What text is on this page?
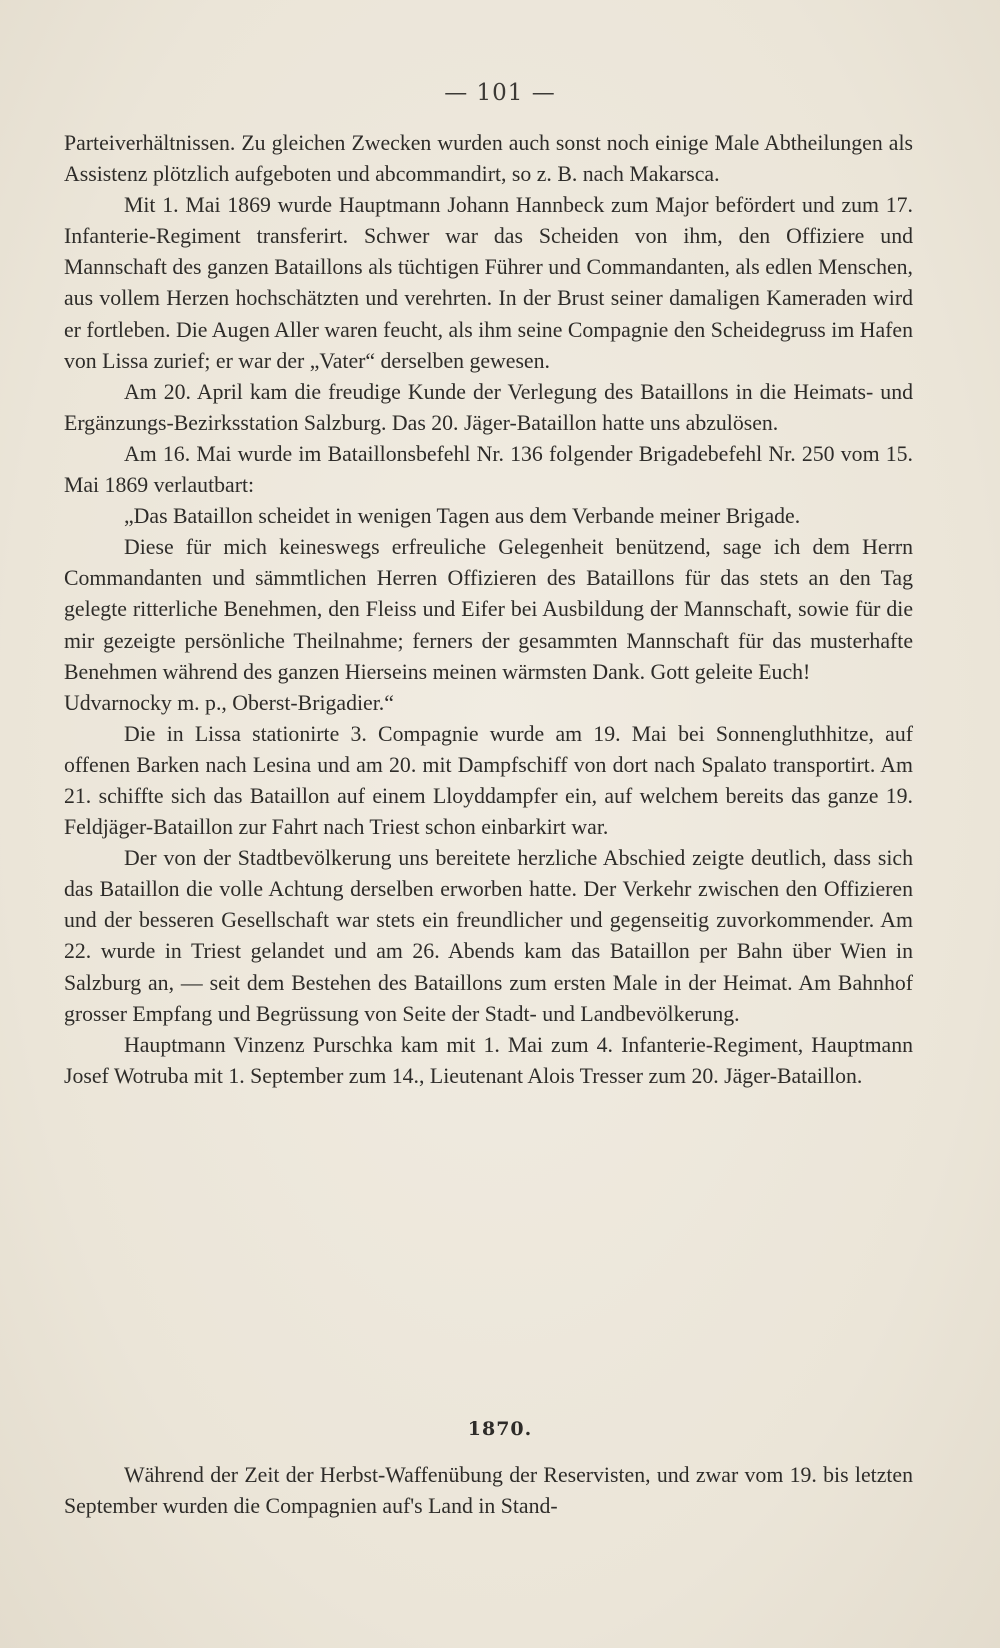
— 101 —

Parteiverhältnissen. Zu gleichen Zwecken wurden auch sonst noch einige Male Abtheilungen als Assistenz plötzlich aufgeboten und abcommandirt, so z. B. nach Makarsca.

Mit 1. Mai 1869 wurde Hauptmann Johann Hannbeck zum Major befördert und zum 17. Infanterie-Regiment transferirt. Schwer war das Scheiden von ihm, den Offiziere und Mannschaft des ganzen Bataillons als tüchtigen Führer und Commandanten, als edlen Menschen, aus vollem Herzen hochschätzten und verehrten. In der Brust seiner damaligen Kameraden wird er fortleben. Die Augen Aller waren feucht, als ihm seine Compagnie den Scheidegruss im Hafen von Lissa zurief; er war der „Vater“ derselben gewesen.

Am 20. April kam die freudige Kunde der Verlegung des Bataillons in die Heimats- und Ergänzungs-Bezirksstation Salzburg. Das 20. Jäger-Bataillon hatte uns abzulösen.

Am 16. Mai wurde im Bataillonsbefehl Nr. 136 folgender Brigadebefehl Nr. 250 vom 15. Mai 1869 verlautbart:

„Das Bataillon scheidet in wenigen Tagen aus dem Verbande meiner Brigade.

Diese für mich keineswegs erfreuliche Gelegenheit benützend, sage ich dem Herrn Commandanten und sämmtlichen Herren Offizieren des Bataillons für das stets an den Tag gelegte ritterliche Benehmen, den Fleiss und Eifer bei Ausbildung der Mannschaft, sowie für die mir gezeigte persönliche Theilnahme; ferners der gesammten Mannschaft für das musterhafte Benehmen während des ganzen Hierseins meinen wärmsten Dank. Gott geleite Euch!

Udvarnocky m. p., Oberst-Brigadier.“

Die in Lissa stationirte 3. Compagnie wurde am 19. Mai bei Sonnengluthhitze, auf offenen Barken nach Lesina und am 20. mit Dampfschiff von dort nach Spalato transportirt. Am 21. schiffte sich das Bataillon auf einem Lloyddampfer ein, auf welchem bereits das ganze 19. Feldjäger-Bataillon zur Fahrt nach Triest schon einbarkirt war.

Der von der Stadtbevölkerung uns bereitete herzliche Abschied zeigte deutlich, dass sich das Bataillon die volle Achtung derselben erworben hatte. Der Verkehr zwischen den Offizieren und der besseren Gesellschaft war stets ein freundlicher und gegenseitig zuvorkommender. Am 22. wurde in Triest gelandet und am 26. Abends kam das Bataillon per Bahn über Wien in Salzburg an, — seit dem Bestehen des Bataillons zum ersten Male in der Heimat. Am Bahnhof grosser Empfang und Begrüssung von Seite der Stadt- und Landbevölkerung.

Hauptmann Vinzenz Purschka kam mit 1. Mai zum 4. Infanterie-Regiment, Hauptmann Josef Wotruba mit 1. September zum 14., Lieutenant Alois Tresser zum 20. Jäger-Bataillon.

1870.

Während der Zeit der Herbst-Waffenübung der Reservisten, und zwar vom 19. bis letzten September wurden die Compagnien auf's Land in Stand-
